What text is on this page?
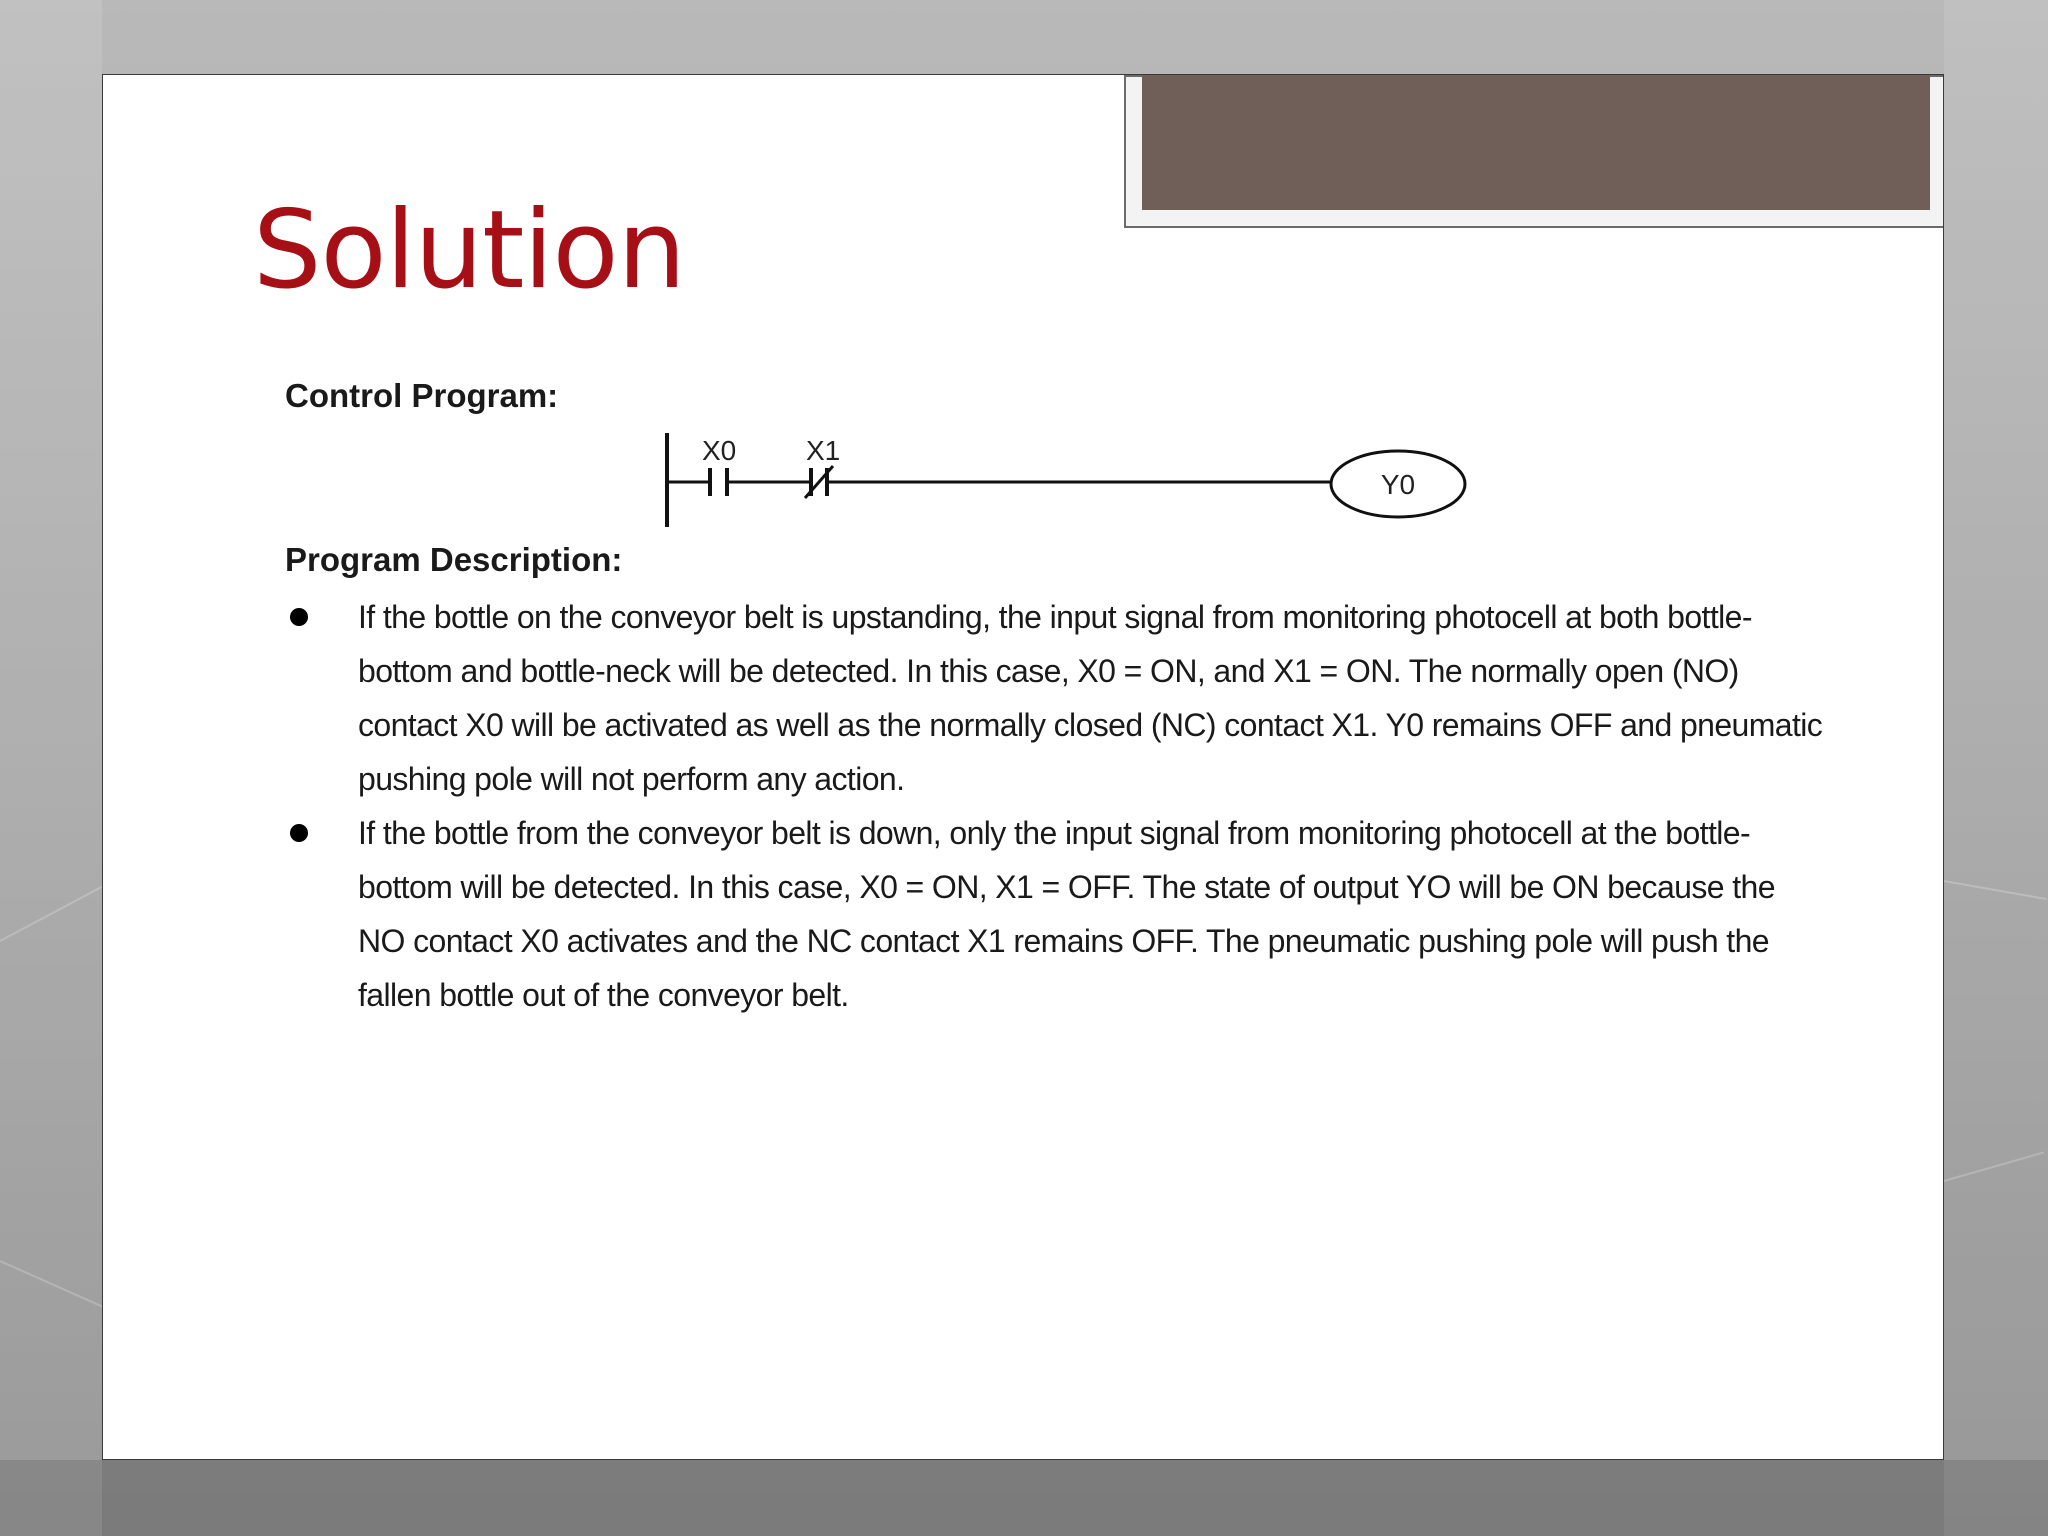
Solution
Control Program:
X0 X1
Y0
Program Description:
If the bottle on the conveyor belt is upstanding, the input signal from monitoring photocell at both bottle-bottom and bottle-neck will be detected. In this case, X0 = ON, and X1 = ON. The normally open (NO) contact X0 will be activated as well as the normally closed (NC) contact X1. Y0 remains OFF and pneumatic pushing pole will not perform any action.
If the bottle from the conveyor belt is down, only the input signal from monitoring photocell at the bottle-bottom will be detected. In this case, X0 = ON, X1 = OFF. The state of output YO will be ON because the NO contact X0 activates and the NC contact X1 remains OFF. The pneumatic pushing pole will push the fallen bottle out of the conveyor belt.
